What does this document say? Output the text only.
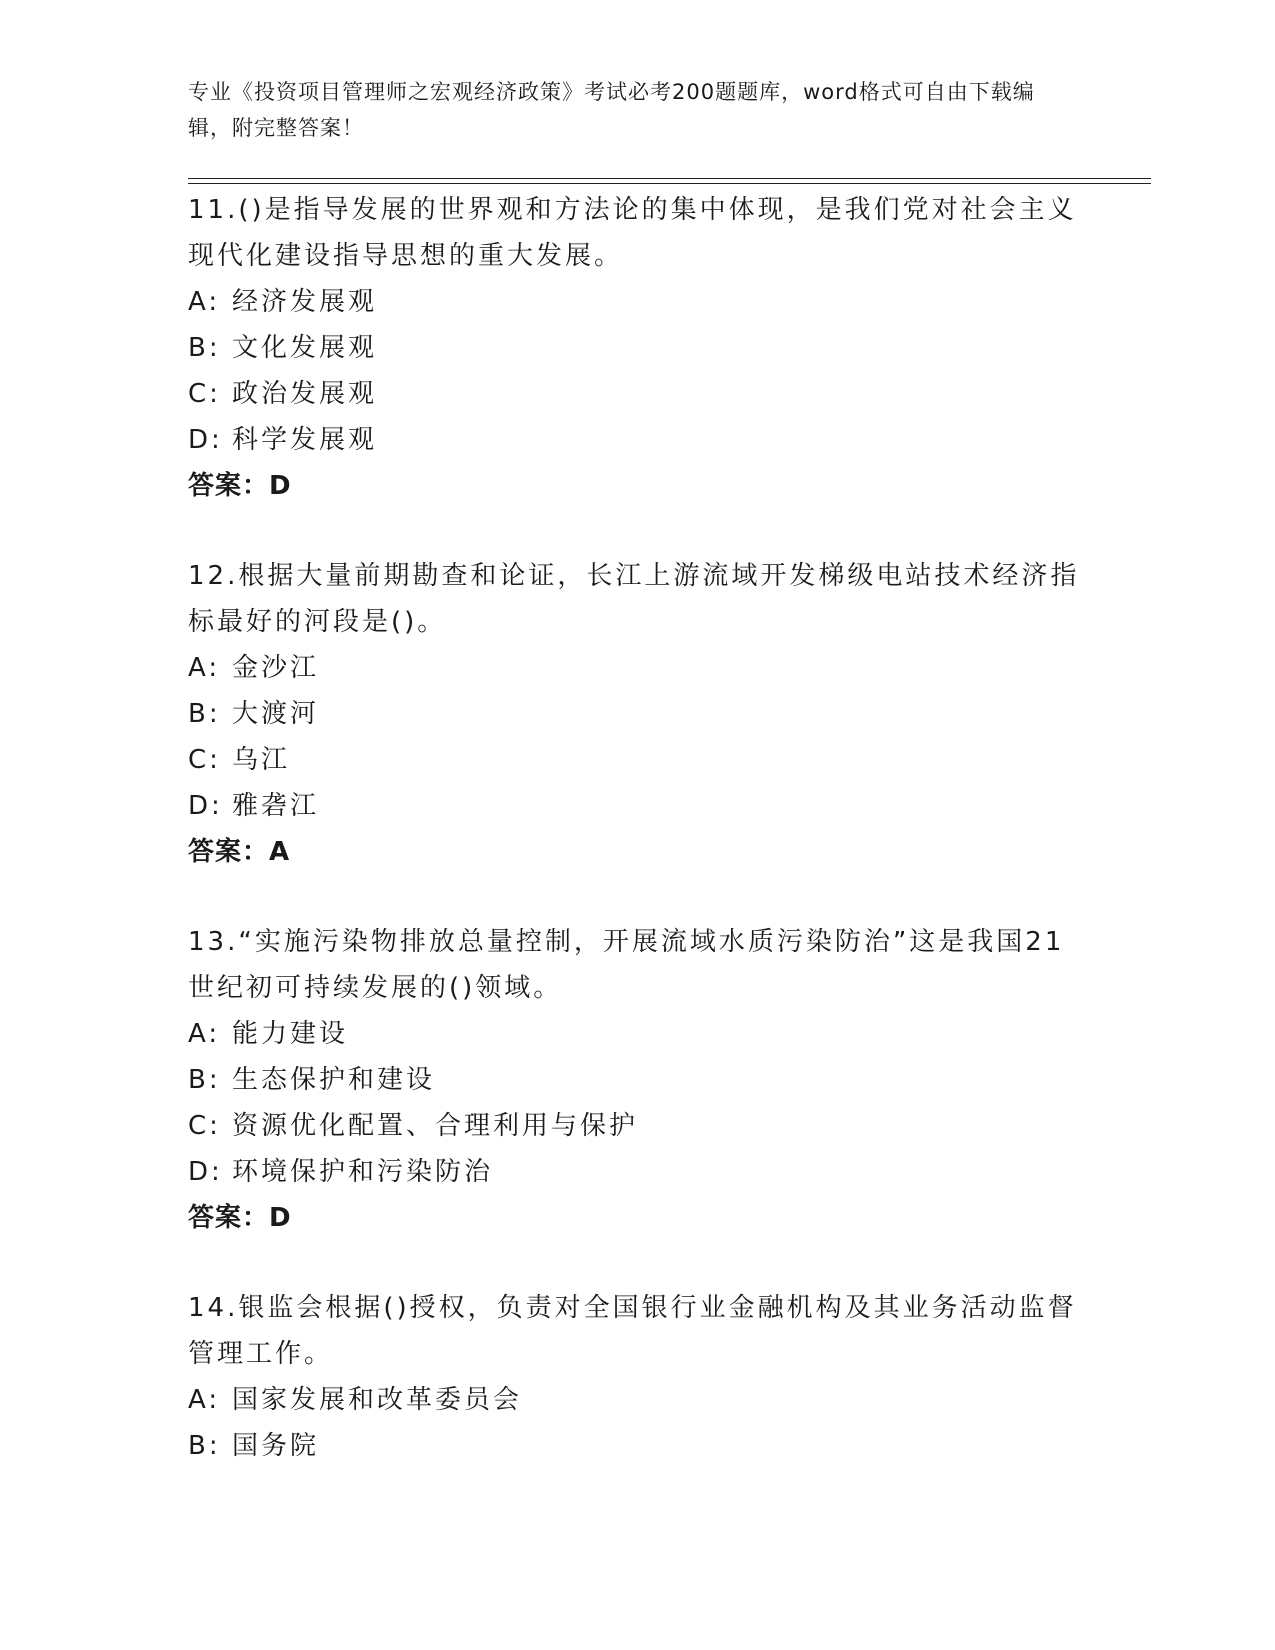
专业《投资项目管理师之宏观经济政策》考试必考200题题库，word格式可自由下载编辑，附完整答案！

11.()是指导发展的世界观和方法论的集中体现，是我们党对社会主义现代化建设指导思想的重大发展。

A: 经济发展观
B: 文化发展观
C: 政治发展观
D: 科学发展观
答案：D

12.根据大量前期勘查和论证，长江上游流域开发梯级电站技术经济指标最好的河段是()。

A: 金沙江
B: 大渡河
C: 乌江
D: 雅砻江
答案：A

13.“实施污染物排放总量控制，开展流域水质污染防治”这是我国21世纪初可持续发展的()领域。

A: 能力建设
B: 生态保护和建设
C: 资源优化配置、合理利用与保护
D: 环境保护和污染防治
答案：D

14.银监会根据()授权，负责对全国银行业金融机构及其业务活动监督管理工作。

A: 国家发展和改革委员会
B: 国务院
